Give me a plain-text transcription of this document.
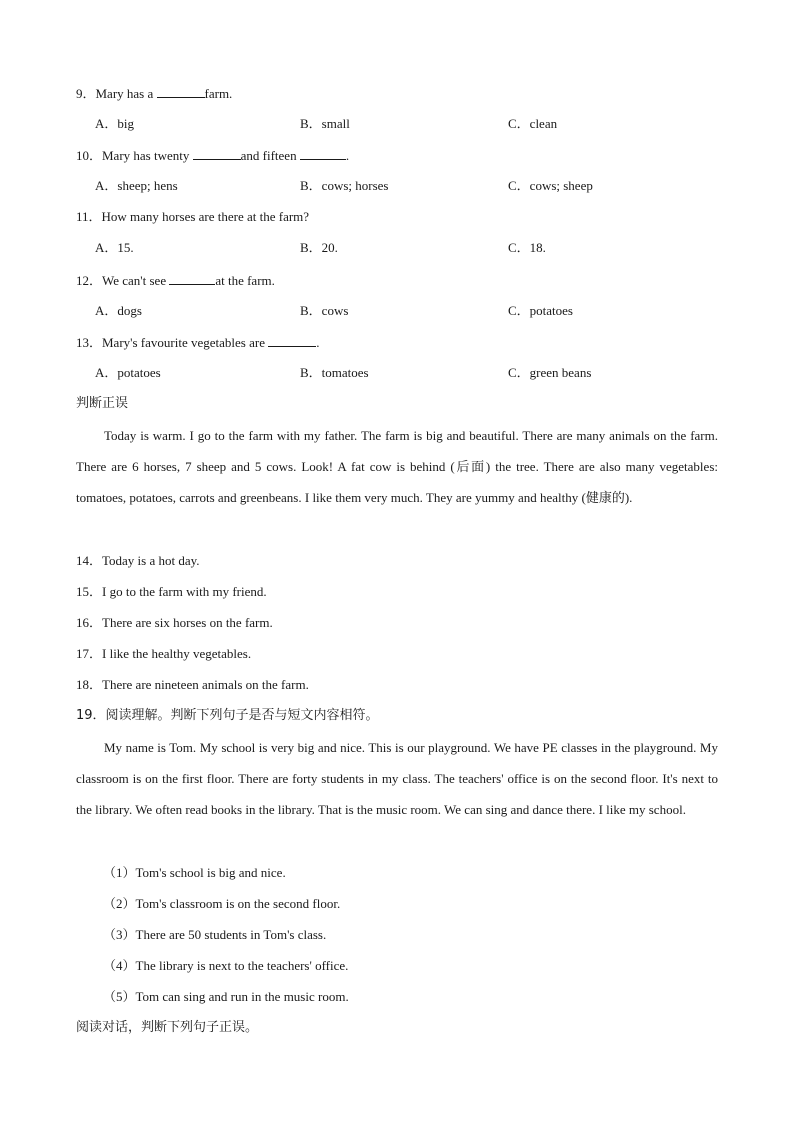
9．Mary has a	farm.
A．big	B．small	C．clean
10．Mary has twenty	and fifteen	.
A．sheep; hens	B．cows; horses	C．cows; sheep
11．How many horses are there at the farm?
A．15.	B．20.	C．18.
12．We can't see	at the farm.
A．dogs	B．cows	C．potatoes
13．Mary's favourite vegetables are	.
A．potatoes	B．tomatoes	C．green beans
判断正误
Today is warm. I go to the farm with my father. The farm is big and beautiful. There are many animals on the farm. There are 6 horses, 7 sheep and 5 cows. Look! A fat cow is behind (后面) the tree. There are also many vegetables: tomatoes, potatoes, carrots and greenbeans. I like them very much. They are yummy and healthy (健康的).
14．Today is a hot day.
15．I go to the farm with my friend.
16．There are six horses on the farm.
17．I like the healthy vegetables.
18．There are nineteen animals on the farm.
19．阅读理解。判断下列句子是否与短文内容相符。
My name is Tom. My school is very big and nice. This is our playground. We have PE classes in the playground. My classroom is on the first floor. There are forty students in my class. The teachers' office is on the second floor. It's next to the library. We often read books in the library. That is the music room. We can sing and dance there. I like my school.
（1）Tom's school is big and nice.
（2）Tom's classroom is on the second floor.
（3）There are 50 students in Tom's class.
（4）The library is next to the teachers' office.
（5）Tom can sing and run in the music room.
阅读对话，判断下列句子正误。
